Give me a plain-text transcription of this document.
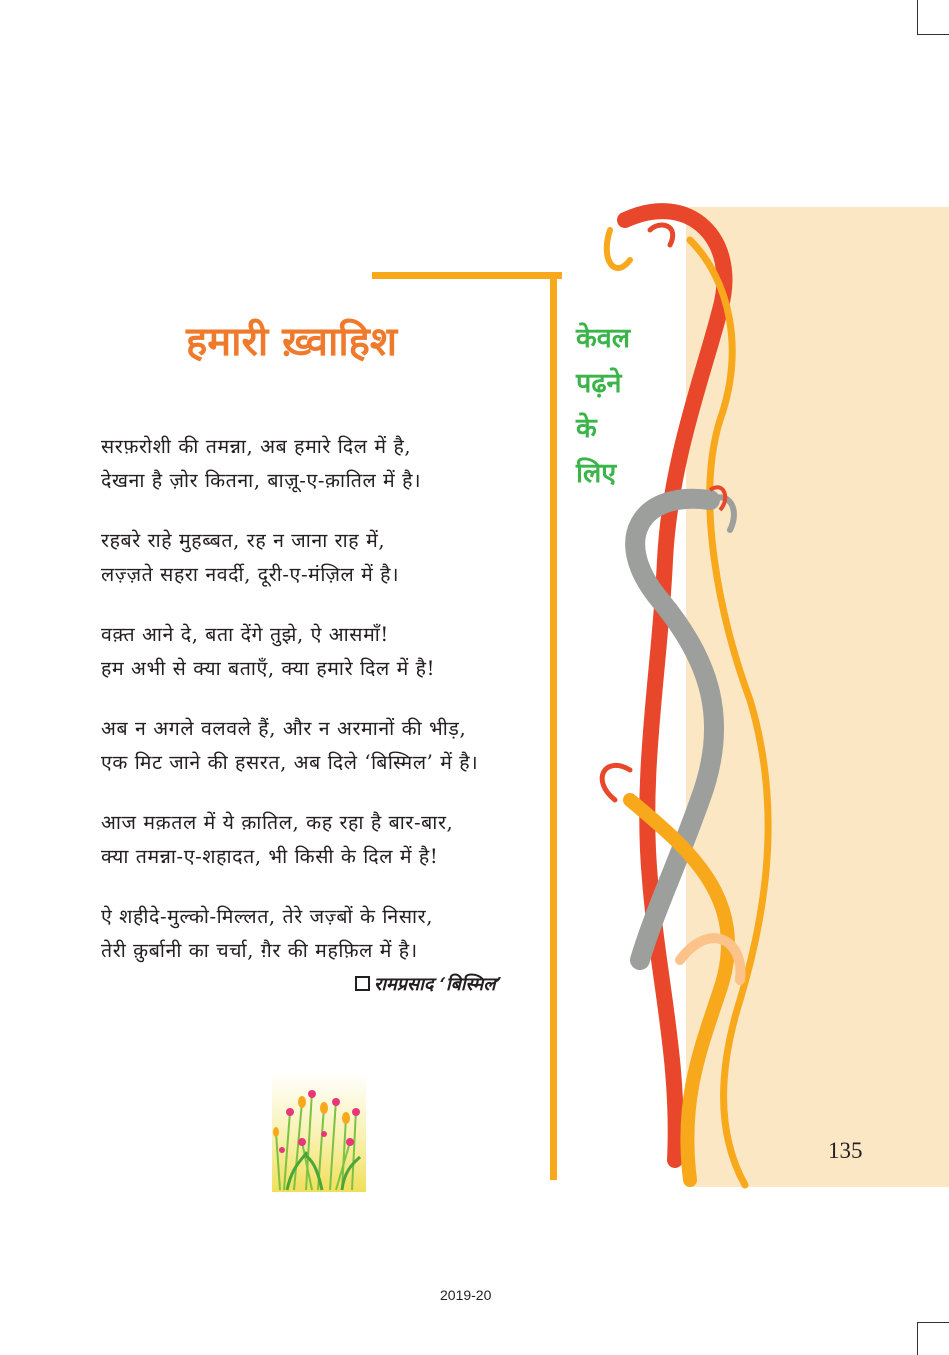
हमारी ख़्वाहिश	केवल
पढ़ने
के
लिए
सरफ़रोशी की तमन्ना, अब हमारे दिल में है,
देखना है ज़ोर कितना, बाज़ू-ए-क़ातिल में है।
रहबरे राहे मुहब्बत, रह न जाना राह में,
लज़्ज़ते सहरा नवर्दी, दूरी-ए-मंज़िल में है।
वक़्त आने दे, बता देंगे तुझे, ऐ आसमाँ!
हम अभी से क्या बताएँ, क्या हमारे दिल में है!
अब न अगले वलवले हैं, और न अरमानों की भीड़,
एक मिट जाने की हसरत, अब दिले ‘बिस्मिल’ में है।
आज मक़तल में ये क़ातिल, कह रहा है बार-बार,
क्या तमन्ना-ए-शहादत, भी किसी के दिल में है!
ऐ शहीदे-मुल्को-मिल्लत, तेरे जज़्बों के निसार,
तेरी क़ुर्बानी का चर्चा, ग़ैर की महफ़िल में है।
रामप्रसाद ‘बिस्मिल’
135
2019-20
